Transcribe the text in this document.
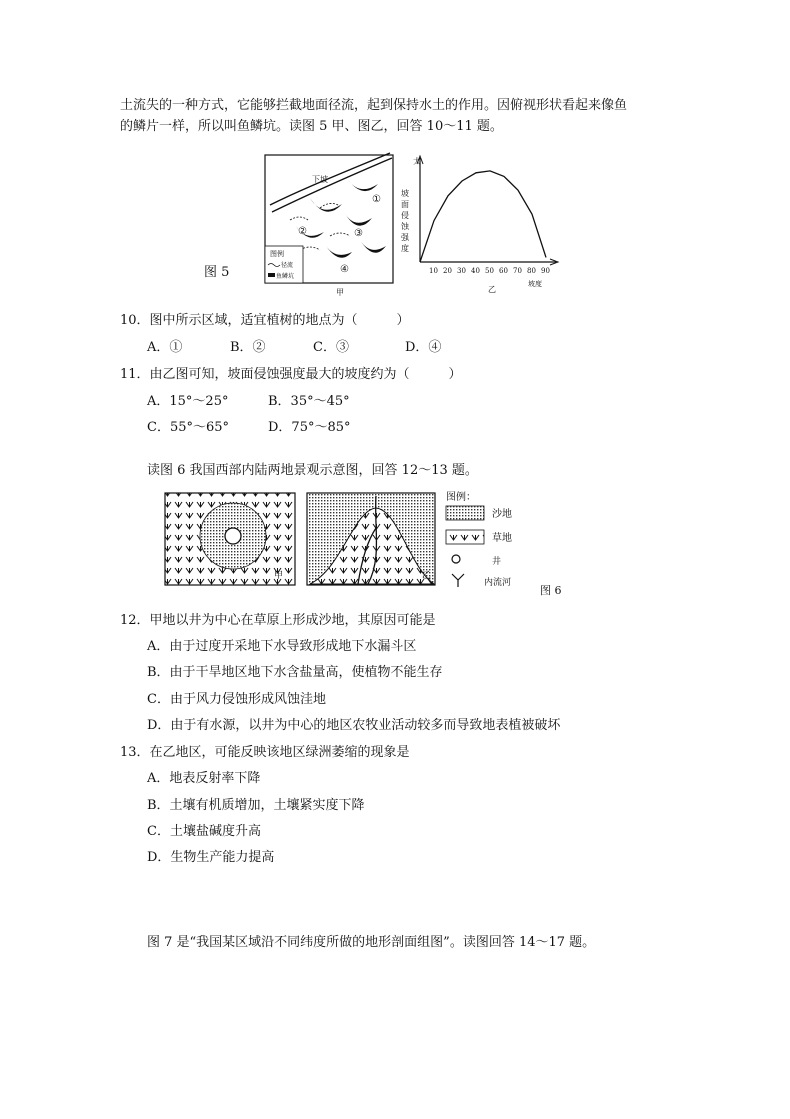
土流失的一种方式，它能够拦截地面径流，起到保持水土的作用。因俯视形状看起来像鱼
的鳞片一样，所以叫鱼鳞坑。读图 5 甲、图乙，回答 10～11 题。
图 5
下坡
①
②	③
④
图例
径流
鱼鳞坑
甲
大
坡
面
侵
蚀
强
度
10 20 30 40 50 60 70 80 90
坡度
乙
10．图中所示区域，适宜植树的地点为（　　　）
A．①	B．②	C．③	D．④
11．由乙图可知，坡面侵蚀强度最大的坡度约为（　　　）
A．15°～25°	B．35°～45°
C．55°～65°	D．75°～85°
读图 6 我国西部内陆两地景观示意图，回答 12～13 题。
甲	乙
图例：
沙地
草地
井
内流河
图 6
12．甲地以井为中心在草原上形成沙地，其原因可能是
A．由于过度开采地下水导致形成地下水漏斗区
B．由于干旱地区地下水含盐量高，使植物不能生存
C．由于风力侵蚀形成风蚀洼地
D．由于有水源，以井为中心的地区农牧业活动较多而导致地表植被破坏
13．在乙地区，可能反映该地区绿洲萎缩的现象是
A．地表反射率下降
B．土壤有机质增加，土壤紧实度下降
C．土壤盐碱度升高
D．生物生产能力提高
图 7 是“我国某区域沿不同纬度所做的地形剖面组图”。读图回答 14～17 题。
